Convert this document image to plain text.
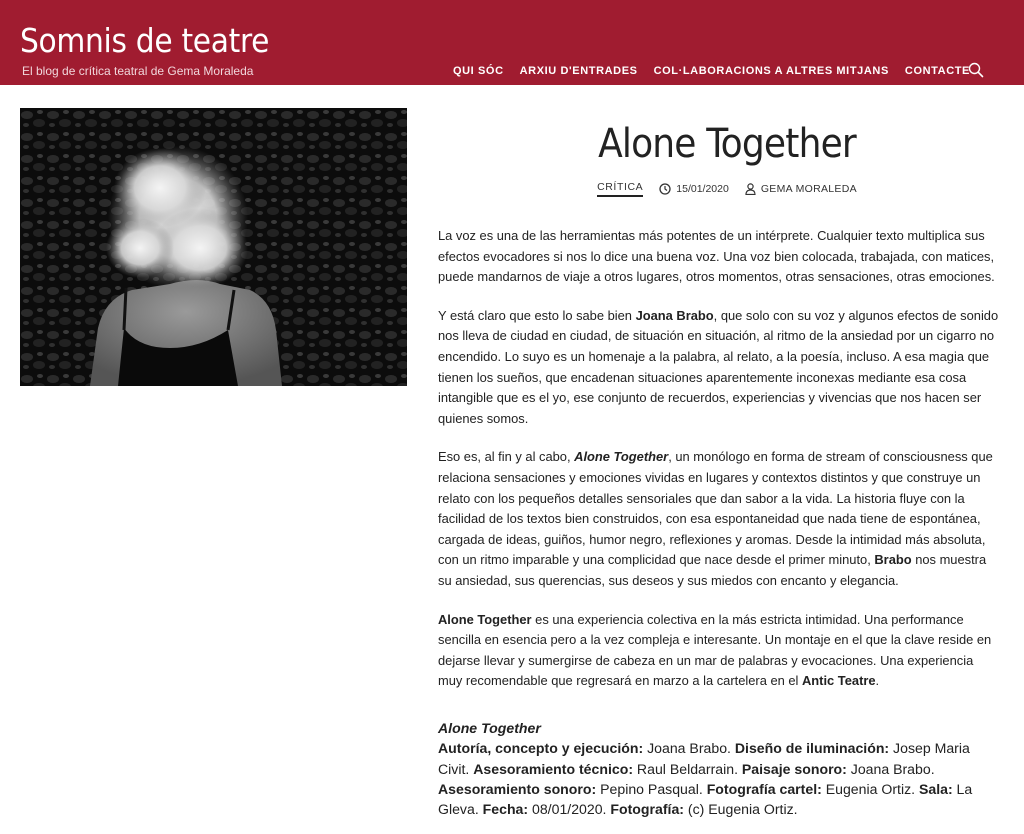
Somnis de teatre
El blog de crítica teatral de Gema Moraleda	QUI SÓC ARXIU D'ENTRADES COL·LABORACIONS A ALTRES MITJANS CONTACTE
Alone Together
CRÍTICA	15/01/2020	GEMA MORALEDA

La voz es una de las herramientas más potentes de un intérprete. Cualquier texto multiplica sus efectos evocadores si nos lo dice una buena voz. Una voz bien colocada, trabajada, con matices, puede mandarnos de viaje a otros lugares, otros momentos, otras sensaciones, otras emociones.

Y está claro que esto lo sabe bien Joana Brabo, que solo con su voz y algunos efectos de sonido nos lleva de ciudad en ciudad, de situación en situación, al ritmo de la ansiedad por un cigarro no encendido. Lo suyo es un homenaje a la palabra, al relato, a la poesía, incluso. A esa magia que tienen los sueños, que encadenan situaciones aparentemente inconexas mediante esa cosa intangible que es el yo, ese conjunto de recuerdos, experiencias y vivencias que nos hacen ser quienes somos.

Eso es, al fin y al cabo, Alone Together, un monólogo en forma de stream of consciousness que relaciona sensaciones y emociones vividas en lugares y contextos distintos y que construye un relato con los pequeños detalles sensoriales que dan sabor a la vida. La historia fluye con la facilidad de los textos bien construidos, con esa espontaneidad que nada tiene de espontánea, cargada de ideas, guiños, humor negro, reflexiones y aromas. Desde la intimidad más absoluta, con un ritmo imparable y una complicidad que nace desde el primer minuto, Brabo nos muestra su ansiedad, sus querencias, sus deseos y sus miedos con encanto y elegancia.

Alone Together es una experiencia colectiva en la más estricta intimidad. Una performance sencilla en esencia pero a la vez compleja e interesante. Un montaje en el que la clave reside en dejarse llevar y sumergirse de cabeza en un mar de palabras y evocaciones. Una experiencia muy recomendable que regresará en marzo a la cartelera en el Antic Teatre.

Alone Together
Autoría, concepto y ejecución: Joana Brabo. Diseño de iluminación: Josep Maria Civit. Asesoramiento técnico: Raul Beldarrain. Paisaje sonoro: Joana Brabo. Asesoramiento sonoro: Pepino Pasqual. Fotografía cartel: Eugenia Ortiz. Sala: La Gleva. Fecha: 08/01/2020. Fotografía: (c) Eugenia Ortiz.
